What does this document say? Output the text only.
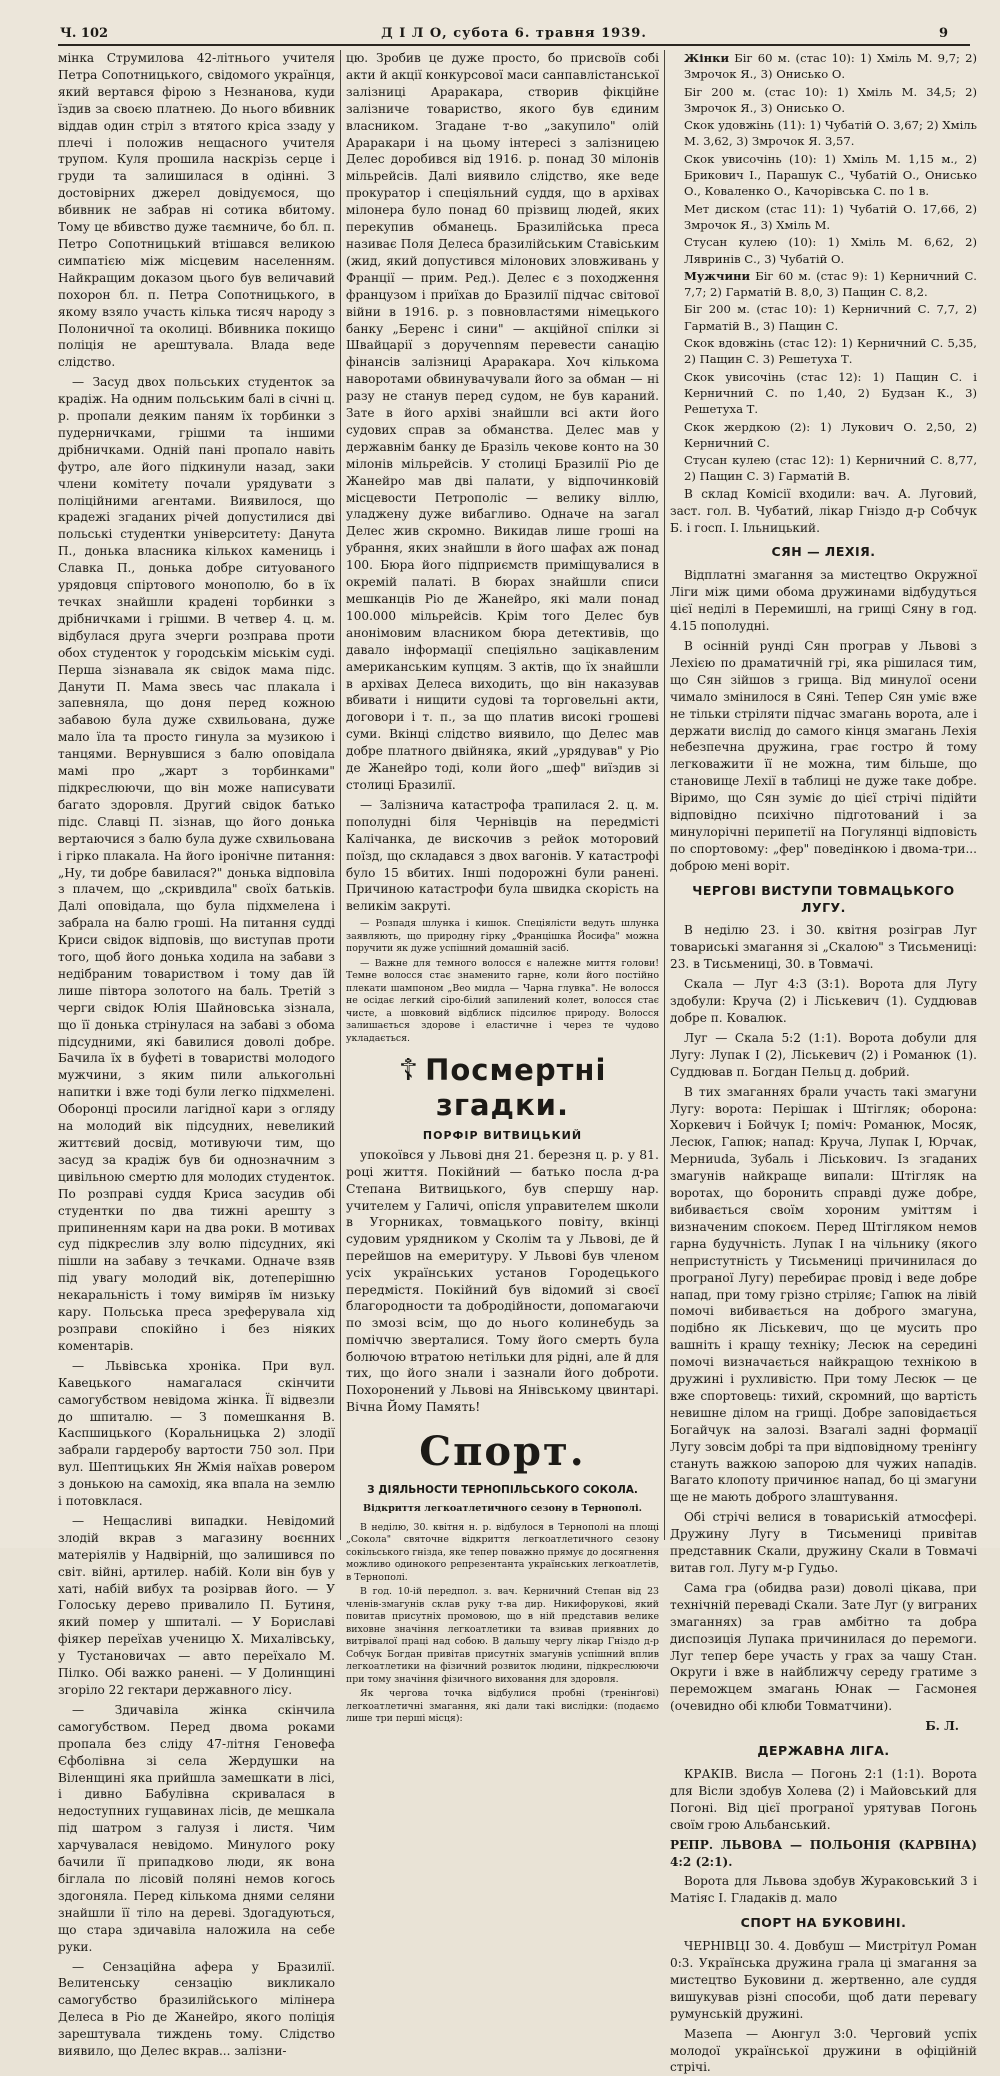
Ч. 102	Д І Л О, субота 6. травня 1939.	9

мінка Струмилова 42-літнього учителя Петра Сопотницького, свідомого українця, який вертався фірою з Незнанова, куди їздив за своєю платнею. До нього вбивник віддав один стріл з втятого кріса ззаду у плечі і положив нещасного учителя трупом. Куля прошила наскрізь серце і груди та залишилася в одінні. З достовірних джерел довідуємося, що вбивник не забрав ні сотика вбитому. Тому це вбивство дуже таємниче, бо бл. п. Петро Сопотницький втішався великою симпатією між місцевим населенням. Найкращим доказом цього був величавий похорон бл. п. Петра Сопотницького, в якому взяло участь кілька тисяч народу з Полоничної та околиці. Вбивника покищо поліція не арештувала. Влада веде слідство.

— Засуд двох польських студенток за крадіж. На одним польським балі в січні ц. р. пропали деяким паням їх торбинки з пудерничками, грішми та іншими дрібничками. Одній пані пропало навіть футро, але його підкинули назад, заки члени комітету почали урядувати з поліційними агентами. Виявилося, що крадежі згаданих річей допустилися дві польські студентки університету: Данута П., донька власника кількох камениць і Славка П., донька добре ситуованого урядовця спіртового монополю, бо в їх течках знайшли крадені торбинки з дрібничками і грішми. В четвер 4. ц. м. відбулася друга зчерги розправа проти обох студенток у городськім міськім суді. Перша зізнавала як свідок мама підс. Данути П. Мама звесь час плакала і запевняла, що доня перед кожною забавою була дуже схвильована, дуже мало їла та просто гинула за музикою і танцями. Вернувшися з балю оповідала мамі про „жарт з торбинками" підкреслюючи, що він може написувати багато здоровля. Другий свідок батько підс. Славці П. зізнав, що його донька вертаючися з балю була дуже схвильована і гірко плакала. На його іронічне питання: „Ну, ти добре бавилася?" донька відповіла з плачем, що „скривдила" своїх батьків. Далі оповідала, що була підхмелена і забрала на балю гроші. На питання судді Криси свідок відповів, що виступав проти того, щоб його донька ходила на забави з недібраним товариством і тому дав їй лише півтора золотого на баль. Третій з черги свідок Юлія Шайновська зізнала, що її донька стрінулася на забаві з обома підсудними, які бавилися доволі добре. Бачила їх в буфеті в товаристві молодого мужчини, з яким пили алькогольні напитки і вже тоді були легко підхмелені. Оборонці просили лагідної кари з огляду на молодий вік підсудних, невеликий життєвий досвід, мотивуючи тим, що засуд за крадіж був би однозначним з цивільною смертю для молодих студенток. По розправі суддя Криса засудив обі студентки по два тижні арешту з припиненням кари на два роки. В мотивах суд підкреслив злу волю підсудних, які пішли на забаву з течками. Одначе взяв під увагу молодий вік, дотеперішню некаральність і тому виміряв їм низьку кару. Польська преса зреферувала хід розправи спокійно і без ніяких коментарів.

— Львівська хроніка. При вул. Кавецького намагалася скінчити самогубством невідома жінка. Її відвезли до шпиталю. — З помешкання В. Каспшицького (Коральницька 2) злодії забрали гардеробу вартости 750 зол. При вул. Шептицьких Ян Жмія наїхав ровером з донькою на самохід, яка впала на землю і потовклася.

— Нещасливі випадки. Невідомий злодій вкрав з магазину воєнних матеріялів у Надвірній, що залишився по світ. війні, артилер. набій. Коли він був у хаті, набій вибух та розірвав його. — У Голоську дерево привалило П. Бутиня, який помер у шпиталі. — У Бориславі фіякер переїхав ученицю Х. Михалівську, у Тустановичах — авто переїхало М. Пілко. Обі важко ранені. — У Долинщині згоріло 22 гектари державного лісу.

— Здичавіла жінка скінчила самогубством. Перед двома роками пропала без сліду 47-літня Геновефа Єфболівна зі села Жердушки на Віленщині яка прийшла замешкати в лісі, і дивно Бабулівна скривалася в недоступних гущавинах лісів, де мешкала під шатром з галузя і листя. Чим харчувалася невідомо. Минулого року бачили її припадково люди, як вона біглала по лісовій поляні немов когось здогоняла. Перед кількома днями селяни знайшли її тіло на дереві. Здогадуються, що стара здичавіла наложила на себе руки.

— Сензаційна афера у Бразилії. Велитенську сензацію викликало самогубство бразилійського мілінера Делеса в Ріо де Жанейро, якого поліція зарештувала тиждень тому. Слідство виявило, що Делес вкрав... залізни-

цю. Зробив це дуже просто, бо присвоїв собі акти й акції конкурсової маси санпавлістанської залізниці Араракара, створив фікційне залізниче товариство, якого був єдиним власником. Згадане т-во „закупило" олій Араракари і на цьому інтересі з залізницею Делес доробився від 1916. р. понад 30 мілонів мільрейсів. Далі виявило слідство, яке веде прокуратор і спеціяльний суддя, що в архівах мілонера було понад 60 прізвищ людей, яких перекупив обманець. Бразилійська преса називає Поля Делеса бразилійським Ставіським (жид, який допустився мілонових зловживань у Франції — прим. Ред.). Делес є з походження французом і приїхав до Бразилії підчас світової війни в 1916. р. з повновластями німецького банку „Беренс і сини" — акційної спілки зі Швайцарії з доручennям перевести санацію фінансів залізниці Араракара. Хоч кількома наворотами обвинувачували його за обман — ні разу не станув перед судом, не був караний. Зате в його архіві знайшли всі акти його судових справ за обманства. Делес мав у державнім банку де Бразіль чекове конто на 30 мілонів мільрейсів. У столиці Бразилії Ріо де Жанейро мав дві палати, у відпочинковій місцевости Петрополіс — велику віллю, уладжену дуже вибагливо. Одначе на загал Делес жив скромно. Викидав лише гроші на убрання, яких знайшли в його шафах аж понад 100. Бюра його підприємств приміщувалися в окремій палаті. В бюрах знайшли списи мешканців Ріо де Жанейро, які мали понад 100.000 мільрейсів. Крім того Делес був анонімовим власником бюра детективів, що давало інформації спеціяльно зацікавленим американським купцям. З актів, що їх знайшли в архівах Делеса виходить, що він наказував вбивати і нищити судові та торговельні акти, договори і т. п., за що платив високі грошеві суми. Вкінці слідство виявило, що Делес мав добре платного двійняка, який „урядував" у Ріо де Жанейро тоді, коли його „шеф" виїздив зі столиці Бразилії.

— Залізнича катастрофа трапилася 2. ц. м. пополудні біля Чернівців на передмісті Калічанка, де вискочив з рейок моторовий поїзд, що складався з двох вагонів. У катастрофі було 15 вбитих. Інші подорожні були ранені. Причиною катастрофи була швидка скорість на великім закруті.

— Розпадя шлунка і кишок. Спеціялісти ведуть шлунка заявляють, що природну гірку „Францішка Йосифа" можна поручити як дуже успішний домашній засіб.

— Важне для темного волосся є належне миття голови! Темне волосся стає знаменито гарне, коли його постійно плекати шампоном „Вео мидла — Чарна глувка". Не волосся не осідає легкий сіро-білий запилений колет, волосся стає чисте, а шовковий відблиск підсилює природу. Волосся залишається здорове і еластичне і через те чудово укладається.

☦ Посмертні згадки.
ПОРФІР ВИТВИЦЬКИЙ

упокоївся у Львові дня 21. березня ц. р. у 81. році життя. Покійний — батько посла д-ра Степана Витвицького, був спершу нар. учителем у Галичі, опісля управителем школи в Угорниках, товмацького повіту, вкінці судовим урядником у Сколім та у Львові, де й перейшов на емеритуру. У Львові був членом усіх українських установ Городецького передмістя. Покійний був відомий зі своєї благородности та добродійности, допомагаючи по змозі всім, що до нього колинебудь за поміччю зверталися. Тому його смерть була болючою втратою нетільки для рідні, але й для тих, що його знали і зазнали його доброти. Похоронений у Львові на Янівському цвинтарі. Вічна Йому Память!

Спорт.
З ДІЯЛЬНОСТИ ТЕРНОПІЛЬСЬКОГО СОКОЛА.
Відкриття легкоатлетичного сезону в Тернополі.

В неділю, 30. квітня н. р. відбулося в Тернополі на площі „Сокола" святочне відкриття легкоатлетичного сезону сокільського гнізда, яке тепер поважно прямує до досягнення можливо одинокого репрезентанта українських легкоатлетів, в Тернополі.

В год. 10-ій передпол. з. вач. Керничний Степан від 23 членів-змагунів склав руку т-ва дир. Никифорукові, який повитав присутніх промовою, що в ній представив велике виховне значіння легкоатлетики та взивав приявних до витрівалої праці над собою. В дальшу чергу лікар Гніздо д-р Собчук Богдан привітав присутніх змагунів успішний вплив легкоатлетики на фізичний розвиток людини, підкреслюючи при тому значіння фізичного виховання для здоровля.

Як чергова точка відбулися пробні (тренінґові) легкоатлетичні змагання, які дали такі вислідки: (подаємо лише три перші місця):

Жінки Біг 60 м. (стас 10): 1) Хміль М. 9,7; 2) Змрочок Я., 3) Онисько О.

Біг 200 м. (стас 10): 1) Хміль М. 34,5; 2) Змрочок Я., 3) Онисько О.

Скок удовжінь (11): 1) Чубатій О. 3,67; 2) Хміль М. 3,62, 3) Змрочок Я. 3,57.

Скок увисочінь (10): 1) Хміль М. 1,15 м., 2) Брикович І., Парашук С., Чубатій О., Онисько О., Коваленко О., Качорівська С. по 1 в.

Мет диском (стас 11): 1) Чубатій О. 17,66, 2) Змрочок Я., 3) Хміль М.

Стусан кулею (10): 1) Хміль М. 6,62, 2) Лявринів С., 3) Чубатій О.

Мужчини Біг 60 м. (стас 9): 1) Керничний С. 7,7; 2) Гарматій В. 8,0, 3) Пащин С. 8,2.

Біг 200 м. (стас 10): 1) Керничний С. 7,7, 2) Гарматій В., 3) Пащин С.

Скок вдовжінь (стас 12): 1) Керничний С. 5,35, 2) Пащин С. 3) Решетуха Т.

Скок увисочінь (стас 12): 1) Пащин С. і Керничний С. по 1,40, 2) Будзан К., 3) Решетуха Т.

Скок жердкою (2): 1) Лукович О. 2,50, 2) Керничний С.

Стусан кулею (стас 12): 1) Керничний С. 8,77, 2) Пащин С. 3) Гарматій В.

В склад Комісії входили: вач. А. Луговий, заст. гол. В. Чубатий, лікар Гніздо д-р Собчук Б. і госп. І. Ільницький.

СЯН — ЛЕХІЯ.

Відплатні змагання за мистецтво Окружної Ліги між цими обома дружинами відбудуться цієї неділі в Перемишлі, на грищі Сяну в год. 4.15 пополудні.

В осінній рунді Сян програв у Львові з Лехією по драматичній грі, яка рішилася тим, що Сян зійшов з грища. Від минулої осени чимало змінилося в Сяні. Тепер Сян уміє вже не тільки стріляти підчас змагань ворота, але і держати вислід до самого кінця змагань Лехія небезпечна дружина, грає гостро й тому легковажити її не можна, тим більше, що становище Лехії в таблиці не дуже таке добре. Віримо, що Сян зуміє до цієї стрічі підійти відповідно психічно підготований і за минулорічні перипетії на Погулянці відповість по спортовому: „фер" поведінкою і двома-три... доброю мені воріт.

ЧЕРГОВІ ВИСТУПИ ТОВМАЦЬКОГО ЛУГУ.

В неділю 23. і 30. квітня розіграв Луг товариські змагання зі „Скалою" з Тисьмениці: 23. в Тисьмениці, 30. в Товмачі.

Скала — Луг 4:3 (3:1). Ворота для Лугу здобули: Круча (2) і Ліськевич (1). Суддював добре п. Ковалюк.

Луг — Скала 5:2 (1:1). Ворота добули для Лугу: Лупак І (2), Ліськевич (2) і Романюк (1). Суддював п. Богдан Пельц д. добрий.

В тих змаганнях брали участь такі змагуни Лугу: ворота: Перішак і Штігляк; оборона: Хоркевич і Бойчук І; поміч: Романюк, Мосяк, Лесюк, Гапюк; напад: Круча, Лупак І, Юрчак, Мерниuda, Зубаль і Ліськович. Із згаданих змагунів найкраще випали: Штігляк на воротах, що боронить справді дуже добре, вибивається своїм хороним уміттям і визначеним спокоєм. Перед Штігляком немов гарна будучність. Лупак І на чільнику (якого непристутність у Тисьмениці причинилася до програної Лугу) перебирає провід і веде добре напад, при тому грізно стріляє; Гапюк на лівій помочі вибивається на доброго змагуна, подібно як Ліськевич, що це мусить про вашніть і кращу техніку; Лесюк на середині помочі визначається найкращою технікою в дружині і рухливістю. При тому Лесюк — це вже спортовець: тихий, скромний, що вартість невишне ділом на грищі. Добре заповідається Богайчук на залозі. Взагалі задні формації Лугу зовсім добрі та при відповідному тренінгу стануть важкою запорою для чужих нападів. Вагато клопоту причинює напад, бо ці змагуни ще не мають доброго злаштування.

Обі стрічі велися в товариській атмосфері. Дружину Лугу в Тисьмениці привітав представник Скали, дружину Скали в Товмачі витав гол. Лугу м-р Гудьо.

Сама гра (обидва рази) доволі цікава, при технічній переваді Скали. Зате Луг (у виграних змаганнях) за грав амбітно та добра диспозиція Лупака причинилася до перемоги. Луг тепер бере участь у грах за чашу Стан. Округи і вже в найближчу середу гратиме з переможцем змагань Юнак — Гасмонея (очевидно обі клюби Товматчини).

Б. Л.
ДЕРЖАВНА ЛІГА.

КРАКІВ. Висла — Погонь 2:1 (1:1). Ворота для Вісли здобув Холева (2) і Майовський для Погоні. Від цієї програної урятував Погонь своїм грою Альбанський.

РЕПР. ЛЬВОВА — ПОЛЬОНІЯ (КАРВІНА) 4:2 (2:1).

Ворота для Львова здобув Жураковський 3 і Матіяс І. Гладаків д. мало

СПОРТ НА БУКОВИНІ.

ЧЕРНІВЦІ 30. 4. Довбуш — Мистрітул Роман 0:3. Українська дружина грала ці змагання за мистецтво Буковини д. жертвенно, але суддя вишукував різні способи, щоб дати перевагу румунській дружині.

Мазепа — Аюнгул 3:0. Черговий успіх молодої української дружини в офіційній стрічі.
